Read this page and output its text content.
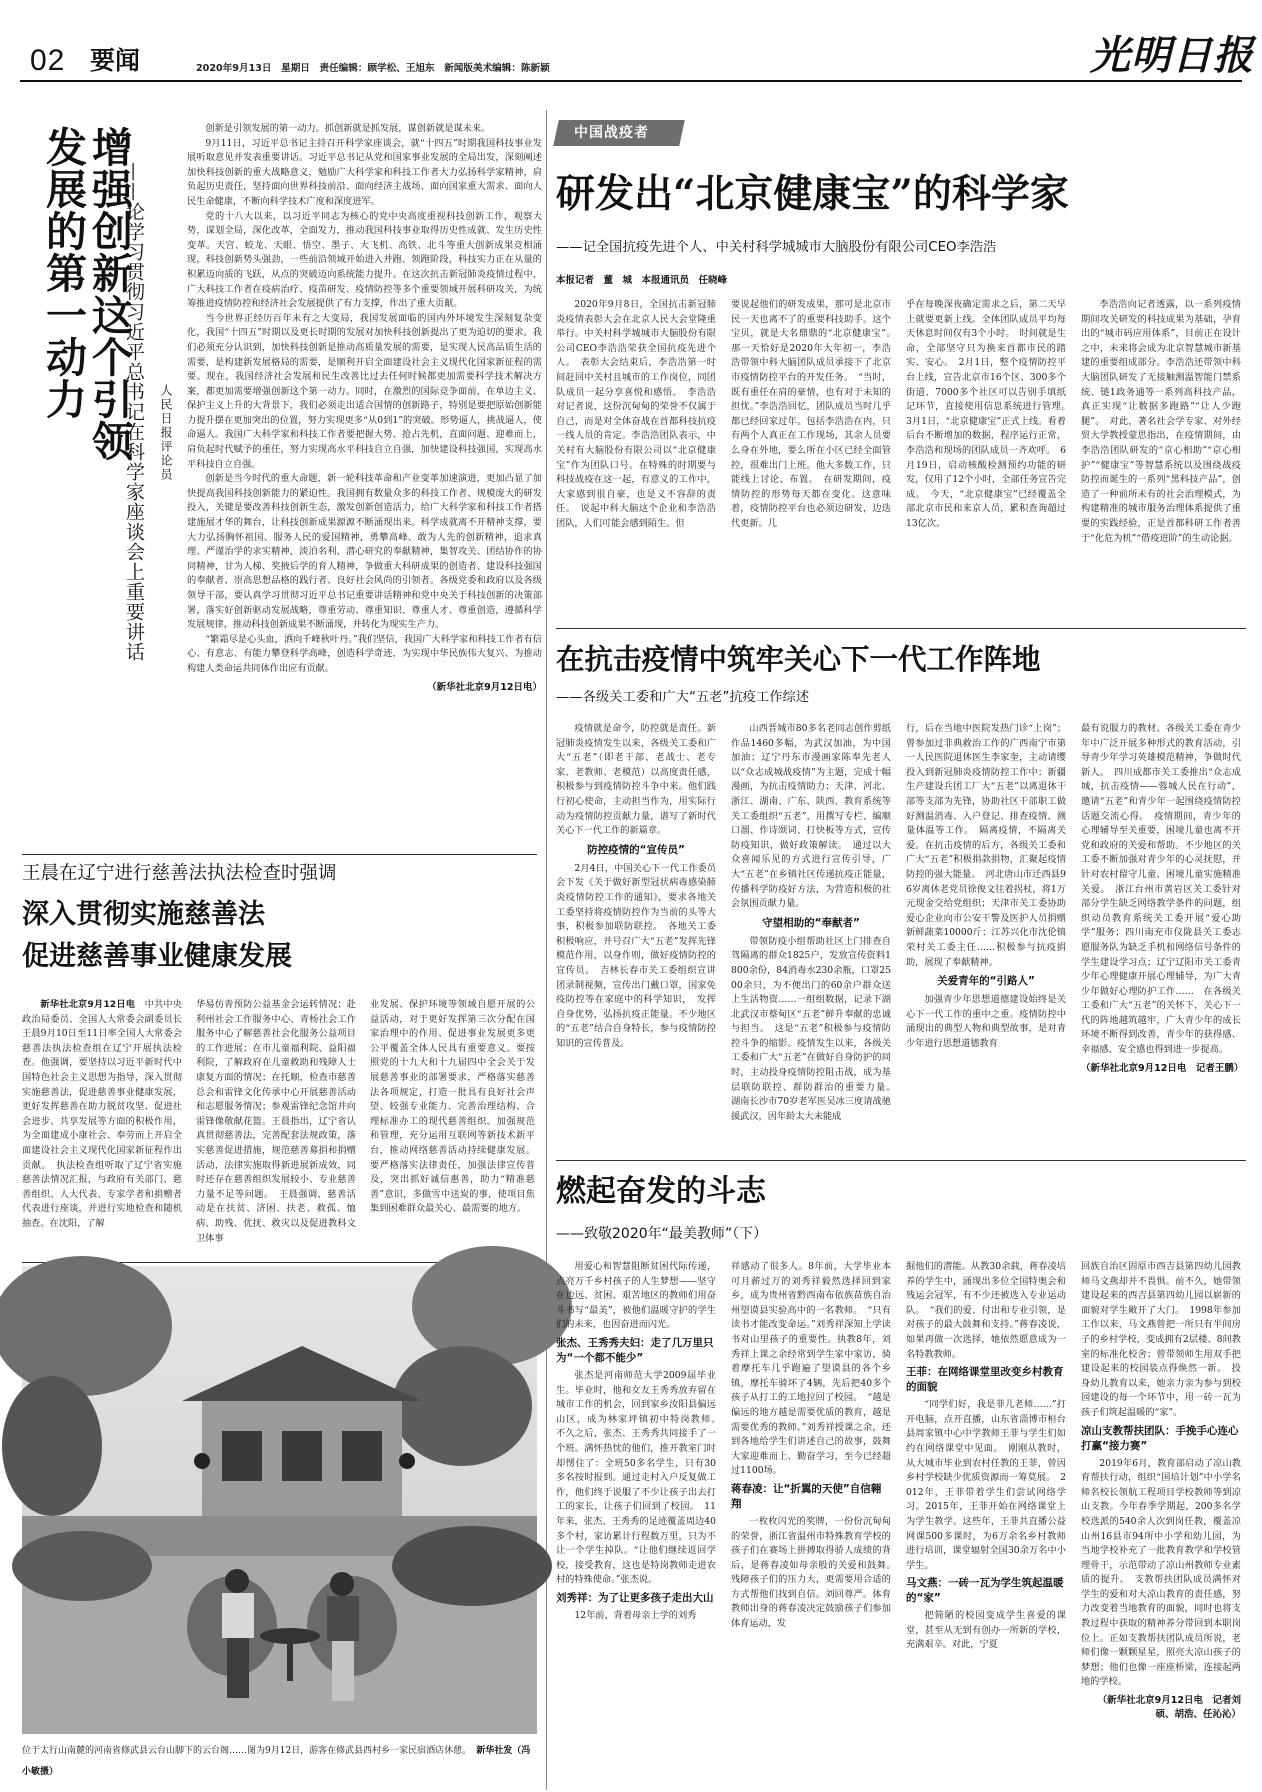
02 要闻	2020年9月13日　星期日　责任编辑：顾学松、王旭东　新闻版美术编辑：陈新颖	光明日报
增强创新这个引领
发展的第一动力 ——论学习贯彻习近平总书记在科学家座谈会上重要讲话 人民日报评论员

创新是引领发展的第一动力。抓创新就是抓发展，谋创新就是谋未来。

9月11日，习近平总书记主持召开科学家座谈会，就“十四五”时期我国科技事业发展听取意见并发表重要讲话。习近平总书记从党和国家事业发展的全局出发，深刻阐述加快科技创新的重大战略意义，勉励广大科学家和科技工作者大力弘扬科学家精神，肩负起历史责任，坚持面向世界科技前沿、面向经济主战场、面向国家重大需求、面向人民生命健康，不断向科学技术广度和深度进军。

党的十八大以来，以习近平同志为核心的党中央高度重视科技创新工作，观察大势，谋划全局，深化改革，全面发力，推动我国科技事业取得历史性成就、发生历史性变革。天宫、蛟龙、天眼、悟空、墨子、大飞机、高铁、北斗等重大创新成果竞相涌现，科技创新势头强劲，一些前沿领域开始进入并跑、领跑阶段，科技实力正在从量的积累迈向质的飞跃，从点的突破迈向系统能力提升。在这次抗击新冠肺炎疫情过程中，广大科技工作者在疫病治疗、疫苗研发、疫情防控等多个重要领域开展科研攻关，为统筹推进疫情防控和经济社会发展提供了有力支撑，作出了重大贡献。

当今世界正经历百年未有之大变局，我国发展面临的国内外环境发生深刻复杂变化，我国“十四五”时期以及更长时期的发展对加快科技创新提出了更为迫切的要求。我们必须充分认识到，加快科技创新是推动高质量发展的需要，是实现人民高品质生活的需要，是构建新发展格局的需要，是顺利开启全面建设社会主义现代化国家新征程的需要。现在，我国经济社会发展和民生改善比过去任何时候都更加需要科学技术解决方案，都更加需要增强创新这个第一动力。同时，在激烈的国际竞争面前，在单边主义、保护主义上升的大背景下，我们必须走出适合国情的创新路子，特别是要把原始创新能力提升摆在更加突出的位置，努力实现更多“从0到1”的突破。形势逼人，挑战逼人，使命逼人。我国广大科学家和科技工作者要把握大势、抢占先机，直面问题、迎难而上，肩负起时代赋予的重任，努力实现高水平科技自立自强，加快建设科技强国，实现高水平科技自立自强。

创新是当今时代的重大命题，新一轮科技革命和产业变革加速演进，更加凸显了加快提高我国科技创新能力的紧迫性。我国拥有数量众多的科技工作者、规模庞大的研发投入，关键是要改善科技创新生态，激发创新创造活力，给广大科学家和科技工作者搭建施展才华的舞台，让科技创新成果源源不断涌现出来。科学成就离不开精神支撑，要大力弘扬胸怀祖国、服务人民的爱国精神，勇攀高峰、敢为人先的创新精神，追求真理、严谨治学的求实精神，淡泊名利、潜心研究的奉献精神，集智攻关、团结协作的协同精神，甘为人梯、奖掖后学的育人精神，争做重大科研成果的创造者、建设科技强国的奉献者、崇高思想品格的践行者、良好社会风尚的引领者。各级党委和政府以及各级领导干部，要认真学习贯彻习近平总书记重要讲话精神和党中央关于科技创新的决策部署，落实好创新驱动发展战略，尊重劳动、尊重知识、尊重人才、尊重创造，遵循科学发展规律，推动科技创新成果不断涌现，并转化为现实生产力。

“繁霜尽是心头血，洒向千峰秋叶丹。”我们坚信，我国广大科学家和科技工作者有信心、有意志、有能力攀登科学高峰，创造科学奇迹，为实现中华民族伟大复兴、为推动构建人类命运共同体作出应有贡献。

（新华社北京9月12日电）

王晨在辽宁进行慈善法执法检查时强调
深入贯彻实施慈善法
促进慈善事业健康发展

新华社北京9月12日电　 中共中央政治局委员、全国人大常委会副委员长王晨9月10日至11日率全国人大常委会慈善法执法检查组在辽宁开展执法检查。他强调，要坚持以习近平新时代中国特色社会主义思想为指导，深入贯彻实施慈善法，促进慈善事业健康发展，更好发挥慈善在助力脱贫攻坚、促进社会进步、共享发展等方面的积极作用，为全面建成小康社会、奉劳而上开启全面建设社会主义现代化国家新征程作出贡献。　执法检查组听取了辽宁省实施慈善法情况汇报，与政府有关部门、慈善组织、人大代表、专家学者和捐赠者代表进行座谈，并进行实地检查和随机抽查。在沈阳，了解

华易仿青预防公益基金会运转情况；赴利州社会工作服务中心、青杨社会工作服务中心了解慈善社会化服务公益项目的工作进展；在市儿童福利院、益阳福利院，了解政府在儿童救助和残障人士康复方面的情况；在托顺，检查市慈善总会和雷锋文化传承中心开展慈善活动和志愿服务情况；参观雷锋纪念馆并向雷锋像敬献花篮。王晨指出，辽宁省认真贯彻慈善法，完善配套法规政策，落实慈善促进措施，规范慈善募捐和捐赠活动，法律实施取得新进展新成效，同时还存在慈善组织发展较小、专业慈善力量不足等问题。　王晨强调，慈善活动是在扶贫、济困、扶老、救孤、恤病、助残、优抚、救灾以及促进教科文卫体事

业发展、保护环境等领域自愿开展的公益活动，对于更好发挥第三次分配在国家治理中的作用、促进事业发展更多更公平覆盖全体人民具有重要意义。要按照党的十九大和十九届四中全会关于发展慈善事业的部署要求，严格落实慈善法各项规定，打造一批具有良好社会声望、较强专业能力、完善治理结构、合理标准办工的现代慈善组织。加强规范和管理，充分运用互联网等新技术新平台，推动网络慈善活动持续健康发展。要严格落实法律责任，加强法律宣传普及，突出抓好诚信惠善，助力“精准慈善”意识，多做雪中送炭的事，使项目焦集到困难群众最关心、最需要的地方。

位于太行山南麓的河南省修武县云台山脚下的云台阁……图为9月12日，游客在修武县西村乡一家民宿酒店休憩。 新华社发（冯小敏摄）
中国战疫者
研发出“北京健康宝”的科学家
——记全国抗疫先进个人、中关村科学城城市大脑股份有限公司CEO李浩浩
本报记者　董　城　本报通讯员　任晓峰

2020年9月8日，全国抗击新冠肺炎疫情表彰大会在北京人民大会堂隆重举行。中关村科学城城市大脑股份有限公司CEO李浩浩荣获全国抗疫先进个人。　表彰大会结束后，李浩浩第一时间赶回中关村且城市的工作岗位，同团队成员一起分享喜悦和感悟。　李浩浩对记者说，这份沉甸甸的荣誉不仅属于自己，而是对全体奋战在首都科技抗疫一线人员的肯定。李浩浩团队表示，中关村有大脑股份有限公司以“北京健康宝”作为团队口号。在特殊的时期要与科技战疫在这一起，有意义的工作中，大家感到很自豪，也是义不容辞的责任。　说起中科大脑这个企业和李浩浩团队，人们可能会感到陌生。但

要说起他们的研发成果，那可是北京市民一天也离不了的重要科技助手。这个宝贝，就是大名鼎鼎的“北京健康宝”。　那一天恰好是2020年大年初一，李浩浩带领中科大脑团队成员承接下了北京市疫情防控平台的开发任务。　“当时，既有重任在肩的豪情，也有对于未知的担忧。”李浩浩回忆，团队成员当时几乎都已经回家过年。包括李浩浩在内，只有两个人真正在工作现场，其余人员要么身在外地，要么所在小区已经全面管控，很难出门上班。他大多数工作，只能线上讨论、布置。　在研发期间，疫情防控的形势每天都在变化。这意味着，疫情防控平台也必须边研发，边迭代更新。几

乎在每晚深夜确定需求之后，第二天早上就要更新上线。全体团队成员平均每天休息时间仅有3个小时。　时间就是生命，全部坚守只为换来首都市民的踏实、安心。　2月1日，整个疫情防控平台上线，宣告北京市16个区、300多个街道、7000多个社区可以告别手填纸记环节，直接使用信息系统进行管理。　3月1日，“北京健康宝”正式上线。看着后台不断增加的数据，程序运行正常，李浩浩和现场的团队成员一齐欢呼。　6月19日，启动核酸检测预约功能的研发，仅用了12个小时，全部任务宣告完成。　今天，“北京健康宝”已经覆盖全部北京市民和来京人员，累积查询超过13亿次。

李浩浩向记者透露，以一系列疫情期间攻关研发的科技成果为基础，孕育出的“城市码应用体系”，目前正在设计之中，未来将会成为北京智慧城市新基建的重要组成部分。李浩浩还带领中科大脑团队研发了无接触测温智能门禁系统、链1政务通等一系列高科技产品，真正实现“让数据多跑路”“让人少跑腿”。　对此，著名社会学专家、对外经贸大学教授蒙思指出，在疫情期间，由李浩浩团队研发的“京心相助”“京心相护”“健康宝”等智慧系统以及围绕战疫防控而诞生的一系列“黑科技产品”，创造了一种前所未有的社会治理模式，为构建精准的城市服务治理体系提供了重要的实践经验，正是首都科研工作者善于“化危为机”“借疫进阶”的生动论据。

在抗击疫情中筑牢关心下一代工作阵地
——各级关工委和广大“五老”抗疫工作综述

疫情就是命令，防控就是责任。新冠肺炎疫情发生以来，各级关工委和广大“五老”（即老干部、老战士、老专家、老教师、老模范）以高度责任感，积极参与到疫情防控斗争中来。他们践行初心使命，主动担当作为，用实际行动为疫情防控贡献力量，谱写了新时代关心下一代工作的新篇章。

防控疫情的“宣传员”

2月4日，中国关心下一代工作委员会下发《关于做好新型冠状病毒感染肺炎疫情防控工作的通知》，要求各地关工委坚持将疫情防控作为当前的头等大事，积极参加联防联控。　各地关工委积极响应，并号召广大“五老”发挥先锋模范作用，以身作则，做好疫情防控的宣传员。　吉林长春市关工委组织宣讲团录制视频，宣传出门戴口罩，国家免疫防控等在家庭中的科学知识，　发挥自身优势，弘扬抗疫正能量。不少地区的“五老”结合自身特长，参与疫情防控知识的宣传普及。

山西晋城市80多名老同志创作剪纸作品1460多幅，为武汉加油，为中国加油；辽宁丹东市漫画家陈奉先老人以“众志成城战疫情”为主题，完成十幅漫画，为抗击疫情助力；天津、河北、浙江、湖南、广东、陕西、教育系统等关工委组织“五老”，用撰写专栏、编顺口溜、作诗颂词、打快板等方式，宣传防疫知识，做好政策解读。　通过以大众喜闻乐见的方式进行宣传引导，广大“五老”在乡镇社区传递抗疫正能量，传播科学防疫好方法，为营造积极的社会氛围贡献力量。

守望相助的“奉献者”

带领防疫小组帮助社区上门排查自驾隔离的群众1825户，发放宣传资料1800余份，84消毒水230余瓶，口罩2500余只，为不便出门的60余户群众送上生活物资……一组组数据，记录下湖北武汉市蔡甸区“五老”鲜升奉献的忠诚与担当。　这是“五老”积极参与疫情防控斗争的缩影。疫情发生以来，各级关工委和广大“五老”在做好自身防护的同时，主动投身疫情防控阻击战，成为基层联防联控、群防群治的重要力量。　湖南长沙市70岁老军医吴冰三度请战驰援武汉，因年龄太大未能成

行，后在当地中医院发热门诊“上岗”；曾参加过非典救治工作的广西南宁市第一人民医院退休医生李家奎，主动请缨投入到新冠肺炎疫情防控工作中；新疆生产建设兵团工厂大“五老”以离退休干部等支部为先锋，协助社区干部职工做好测温消毒、入户登记、排查疫情、测量体温等工作。　隔离疫情，不隔离关爱。在抗击疫情的后方，各级关工委和广大“五老”积极捐款捐物，汇聚起疫情防控的强大能量。　河北唐山市迁西县96岁离休老党员徐俊文往着拐杖，将1万元现金交给党组织；天津市关工委协助爱心企业向市公安干警及医护人员捐赠新鲜蔬菜10000斤；江苏兴化市沈伦镇荣村关工委主任……积极参与抗疫捐助，展现了奉献精神。

关爱青年的“引路人”

加强青少年思想道德建设始终是关心下一代工作的重中之重。疫情防控中涌现出的典型人物和典型故事，是对青少年进行思想道德教育

最有说服力的教材。各级关工委在青少年中广泛开展多种形式的教育活动，引导青少年学习英雄模范精神，争做时代新人。　四川成都市关工委推出“众志成城，抗击疫情——蓉城人民在行动”，邀请“五老”和青少年一起围绕疫情防控话题交流心得。　疫情期间，青少年的心理辅导至关重要，困境儿童也离不开党和政府的关爱和帮助。不少地区的关工委不断加强对青少年的心灵抚慰，并针对农村留守儿童、困境儿童实施精准关爱。　浙江台州市黄岩区关工委针对部分学生缺乏网络教学条件的问题，组织动员教育系统关工委开展“爱心助学”服务；四川南充市仪陇县关工委志愿服务队为缺乏手机和网络信号条件的学生建设学习点；辽宁辽阳市关工委青少年心理健康开展心理辅导，为广大青少年做好心理防护工作……　在各级关工委和广大“五老”的关怀下，关心下一代的阵地越筑越牢，广大青少年的成长环境不断得到改善，青少年的获得感、幸福感、安全感也得到进一步提高。

（新华社北京9月12日电　记者王鹏）

燃起奋发的斗志
——致敬2020年“最美教师”（下）

用爱心和智慧阻断贫困代际传递，点亮万千乡村孩子的人生梦想——坚守在边远、贫困、艰苦地区的教师们用奋斗书写“最美”，被他们温暖守护的学生们的未来，也因奋进而闪光。

张杰、王秀秀夫妇：走了几万里只为“一个都不能少”

张杰是河南师范大学2009届毕业生。毕业时，他和女友王秀秀放弃留在城市工作的机会，回到家乡汝阳县偏远山区，成为林家坪镇初中特岗教师。　不久之后，张杰、王秀秀共同接手了一个班。满怀热忱的他们，推开教室门时却愣住了：全班50多名学生，只有30多名按时报到。通过走村入户反复做工作，他们终于说服了不少让孩子出去打工的家长，让孩子们回到了校园。　11年来，张杰、王秀秀的足迹覆盖周边40多个村，家访累计行程数万里，只为不让一个学生掉队。“让他们继续返回学校，接受教育，这也是特岗教师走进农村的特殊使命。”张杰说。

刘秀祥：为了让更多孩子走出大山

12年前，背着母亲上学的刘秀

祥感动了很多人。8年前，大学毕业本可月薪过万的刘秀祥毅然选择回到家乡，成为贵州省黔西南布依族苗族自治州望谟县实验高中的一名教师。　“只有读书才能改变命运。”刘秀祥深知上学读书对山里孩子的重要性。执教8年，刘秀祥上课之余经常到学生家中家访，骑着摩托车几乎跑遍了望谟县的各个乡镇，摩托车骑坏了4辆，先后把40多个孩子从打工的工地拉回了校园。　“越是偏远的地方越是需要优质的教育，越是需要优秀的教师。”刘秀祥授课之余，还到各地给学生们讲述自己的故事，鼓舞大家迎难而上、勤奋学习，至今已经超过1100场。

蒋春凌：让“折翼的天使”自信翱翔

一枚枚闪光的奖牌，一份份沉甸甸的荣誉，浙江省温州市特殊教育学校的孩子们在赛场上拼搏取得骄人成绩的背后，是蒋春凌如母亲般的关爱和鼓舞。　残障孩子们的压力大，更需要用合适的方式帮他们找到自信。刘回尊严。体育教师出身的蒋春凌决定鼓励孩子们参加体育运动，发

掘他们的潜能。从教30余载，蒋春凌培养的学生中，涌现出多位全国特奥会和残运会冠军，有不少还被选入专业运动队。　“我们的爱、付出和专业引领，是对孩子的最大鼓舞和支持。”蒋春凌说，如果再做一次选择，她依然愿意成为一名特教教师。

王菲：在网络课堂里改变乡村教育的面貌

“同学们好，我是菲儿老师……”打开电脑，点开直播，山东省淄博市桓台县周家镇中心中学教师王菲与学生们如约在网络课堂中见面。　刚刚从教时，从大城市毕业到农村任教的王菲，曾因乡村学校缺少优质资源而一筹莫展。　2012年，王菲带着学生们尝试网络学习。2015年，王菲开始在网络课堂上为学生教学。这些年，王菲共直播公益网课500多课时，为6万余名乡村教师进行培训，课堂辐射全国30余万名中小学生。

马文燕：一砖一瓦为学生筑起温暖的“家”

把简陋的校园变成学生喜爱的课堂，甚至从无到有创办一所新的学校，充满艰辛。对此，宁夏

回族自治区固原市西吉县第四幼儿园教师马文燕却并不畏惧。前不久，她带领建设起来的西吉县第四幼儿园以崭新的面貌对学生敞开了大门。　1998年参加工作以来，马文燕曾把一所只有半间房子的乡村学校，变成拥有2层楼、8间教室的标准化校舍；曾带领师生用双手把建设起来的校园装点得焕然一新。　投身幼儿教育以来，她亲力亲为参与到校园建设的每一个环节中，用一砖一瓦为孩子们筑起温暖的“家”。

凉山支教帮扶团队：手挽手心连心打赢“接力赛”

2019年6月，教育部启动了凉山教育帮扶行动，组织“国培计划”中小学名师名校长领航工程项目学校教师等到凉山支教。今年春季学期起，200多名学校选派的540余人次到岗任教，覆盖凉山州16县市94所中小学和幼儿园，为当地学校补充了一批教育教学和学校管理骨干，示范带动了凉山州教师专业素质的提升。　支教帮扶团队成员满怀对学生的爱和对大凉山教育的责任感，努力改变着当地教育的面貌，同时也将支教过程中获取的精神养分带回到本职岗位上。正如支教帮扶团队成员所说，老师们像一颗颗星星，照亮大凉山孩子的梦想；他们也像一座座桥梁，连接起两地的学校。

（新华社北京9月12日电　记者刘硕、胡浩、任沁沁）
